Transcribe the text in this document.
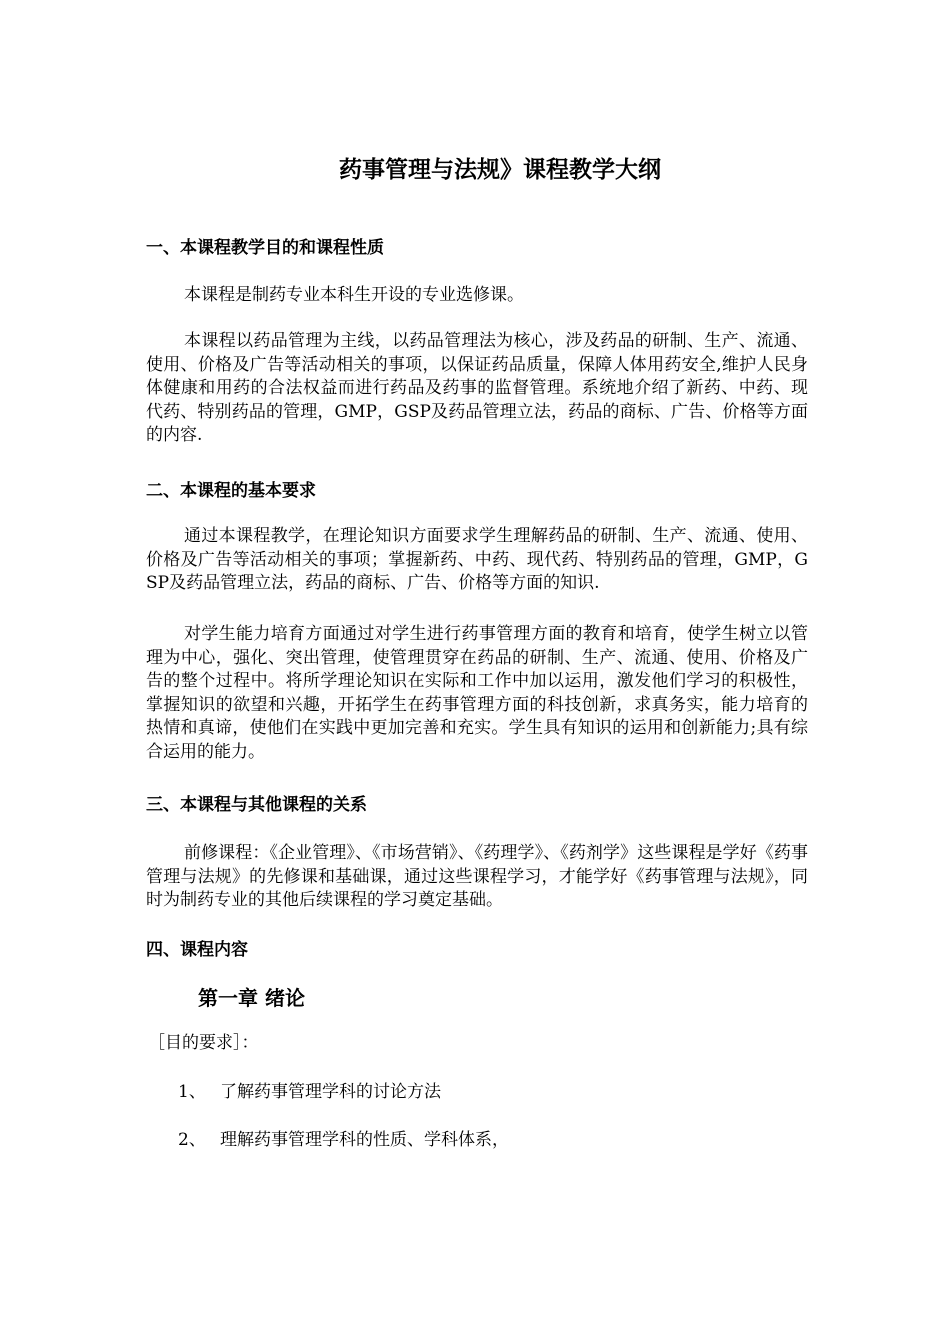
药事管理与法规》课程教学大纲
一、本课程教学目的和课程性质

本课程是制药专业本科生开设的专业选修课。

本课程以药品管理为主线，以药品管理法为核心，涉及药品的研制、生产、流通、使用、价格及广告等活动相关的事项，以保证药品质量，保障人体用药安全,维护人民身体健康和用药的合法权益而进行药品及药事的监督管理。系统地介绍了新药、中药、现代药、特别药品的管理，GMP，GSP及药品管理立法，药品的商标、广告、价格等方面的内容.

二、本课程的基本要求

通过本课程教学，在理论知识方面要求学生理解药品的研制、生产、流通、使用、价格及广告等活动相关的事项；掌握新药、中药、现代药、特别药品的管理，GMP，GSP及药品管理立法，药品的商标、广告、价格等方面的知识.

对学生能力培育方面通过对学生进行药事管理方面的教育和培育，使学生树立以管理为中心，强化、突出管理，使管理贯穿在药品的研制、生产、流通、使用、价格及广告的整个过程中。将所学理论知识在实际和工作中加以运用，激发他们学习的积极性，掌握知识的欲望和兴趣，开拓学生在药事管理方面的科技创新，求真务实，能力培育的热情和真谛，使他们在实践中更加完善和充实。学生具有知识的运用和创新能力;具有综合运用的能力。

三、本课程与其他课程的关系

前修课程：《企业管理》、《市场营销》、《药理学》、《药剂学》这些课程是学好《药事管理与法规》的先修课和基础课，通过这些课程学习，才能学好《药事管理与法规》，同时为制药专业的其他后续课程的学习奠定基础。

四、课程内容
第一章 绪论
［目的要求］：
1、 了解药事管理学科的讨论方法
2、 理解药事管理学科的性质、学科体系，
